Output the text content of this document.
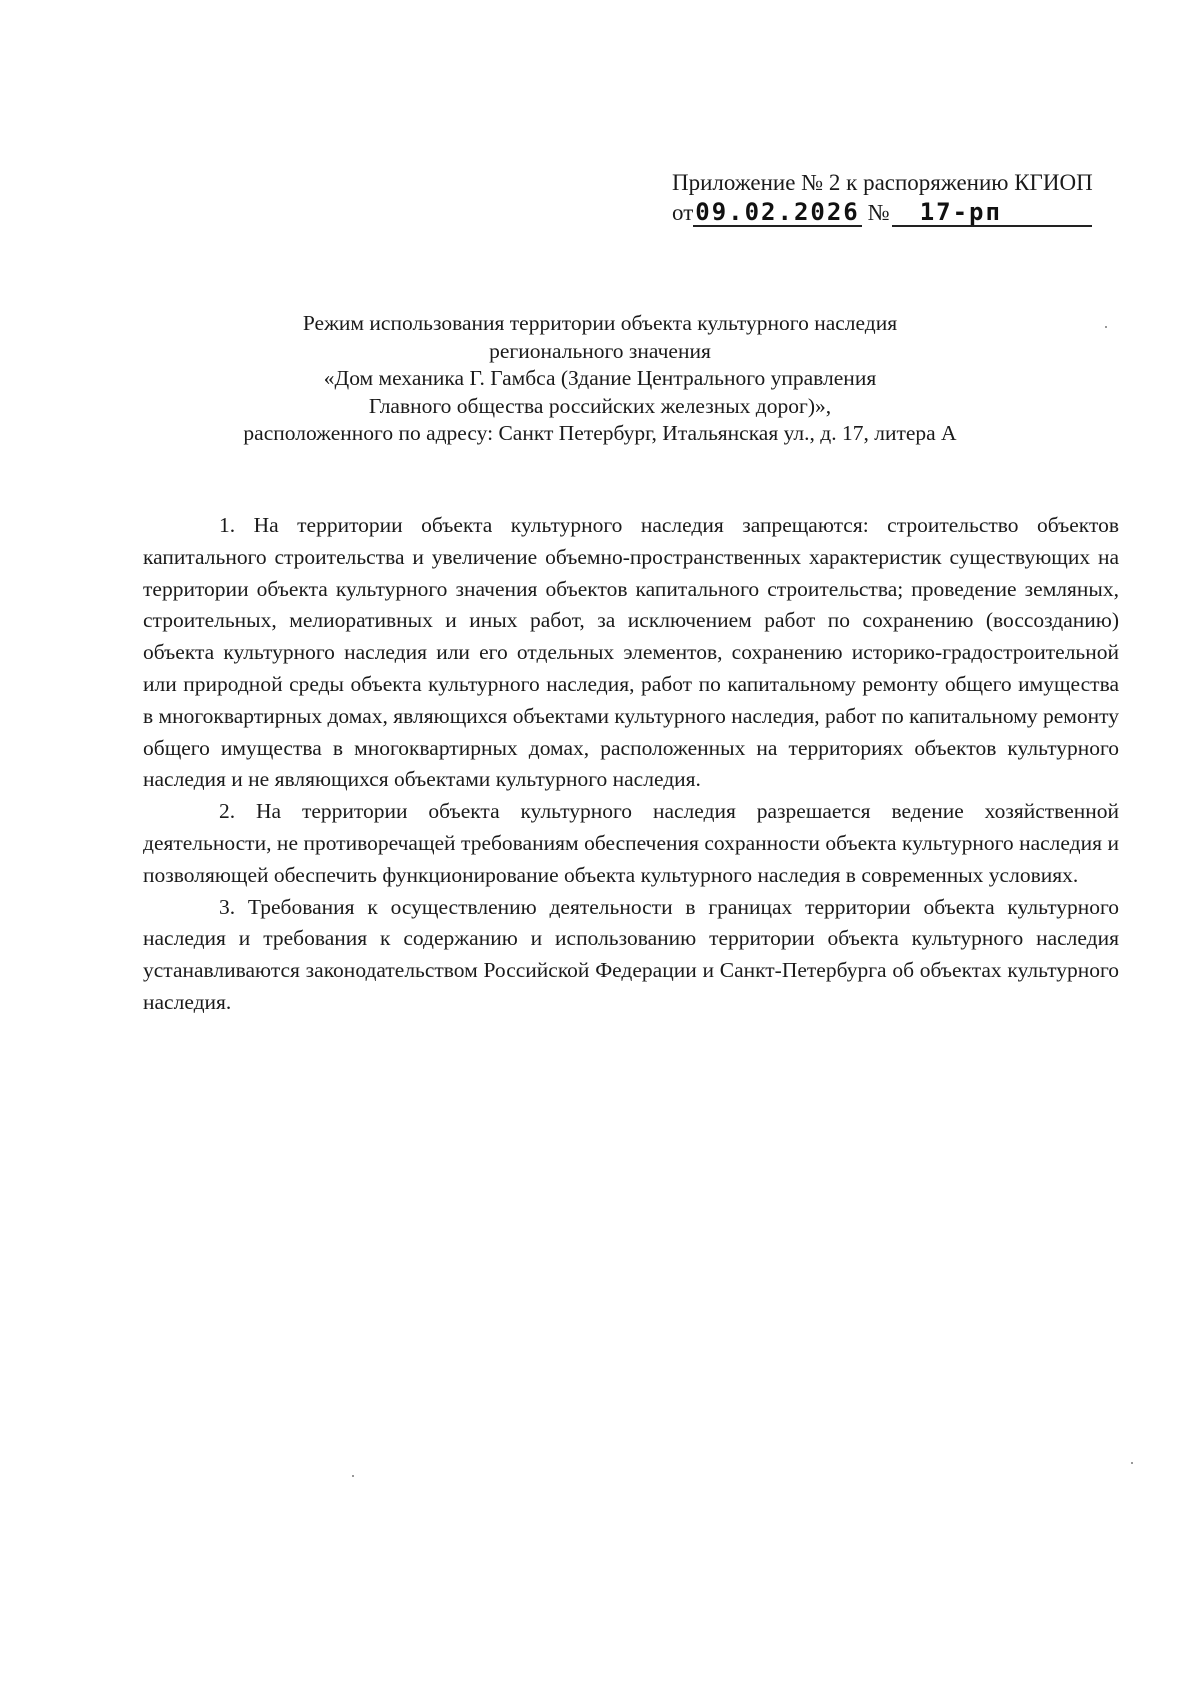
Приложение № 2 к распоряжению КГИОП
от09.02.2026 № 17-рп
Режим использования территории объекта культурного наследия
регионального значения
«Дом механика Г. Гамбса (Здание Центрального управления
Главного общества российских железных дорог)»,
расположенного по адресу: Санкт Петербург, Итальянская ул., д. 17, литера А

1. На территории объекта культурного наследия запрещаются: строительство объектов капитального строительства и увеличение объемно-пространственных характеристик существующих на территории объекта культурного значения объектов капитального строительства; проведение земляных, строительных, мелиоративных и иных работ, за исключением работ по сохранению (воссозданию) объекта культурного наследия или его отдельных элементов, сохранению историко-градостроительной или природной среды объекта культурного наследия, работ по капитальному ремонту общего имущества в многоквартирных домах, являющихся объектами культурного наследия, работ по капитальному ремонту общего имущества в многоквартирных домах, расположенных на территориях объектов культурного наследия и не являющихся объектами культурного наследия.

2. На территории объекта культурного наследия разрешается ведение хозяйственной деятельности, не противоречащей требованиям обеспечения сохранности объекта культурного наследия и позволяющей обеспечить функционирование объекта культурного наследия в современных условиях.

3. Требования к осуществлению деятельности в границах территории объекта культурного наследия и требования к содержанию и использованию территории объекта культурного наследия устанавливаются законодательством Российской Федерации и Санкт-Петербурга об объектах культурного наследия.
